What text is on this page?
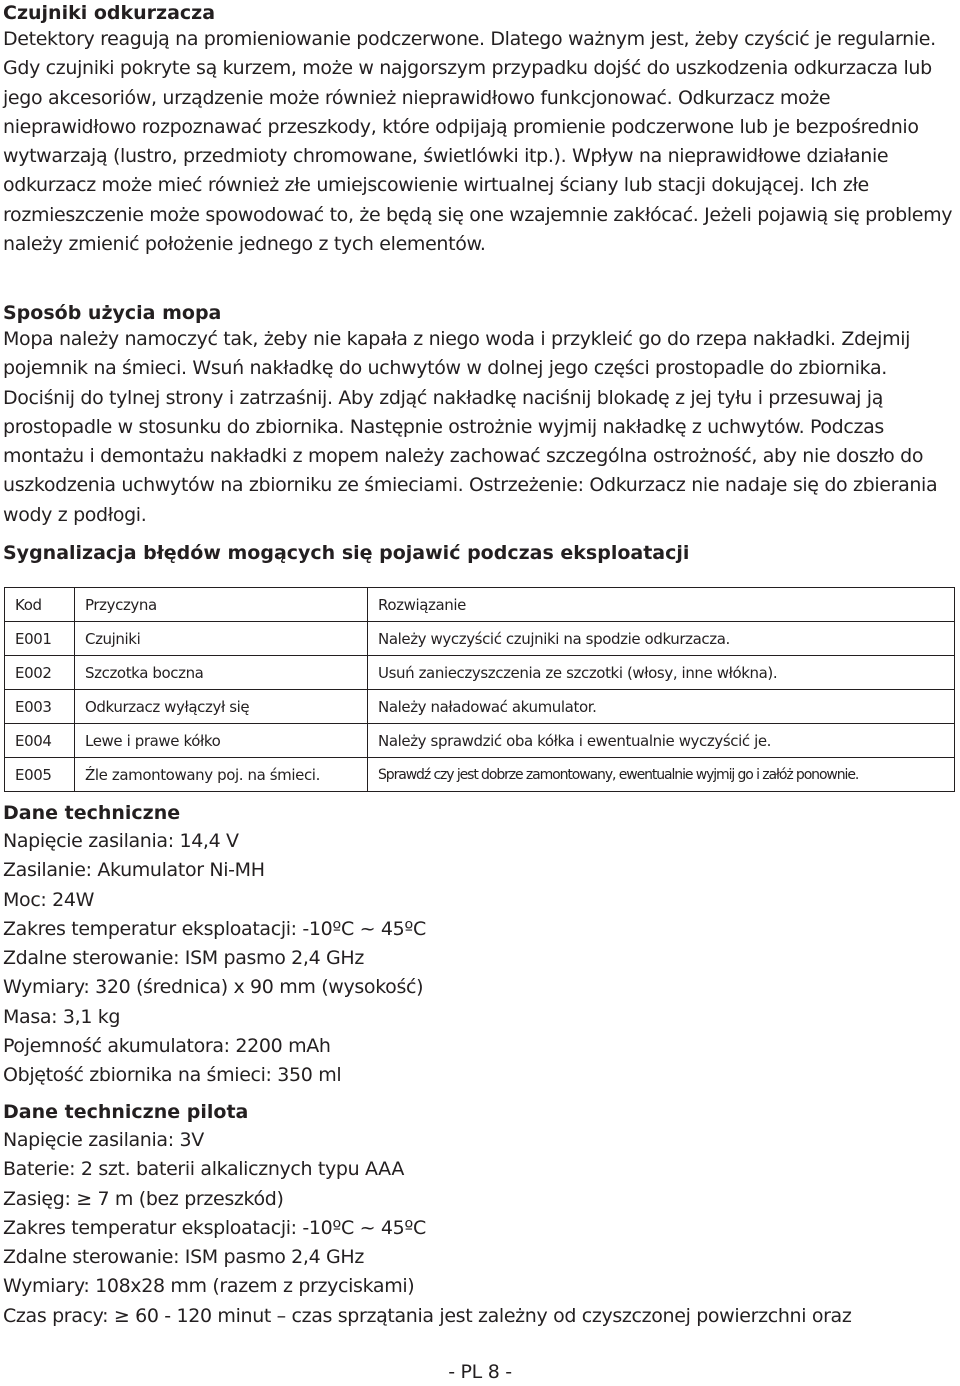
Czujniki odkurzacza

Detektory reagują na promieniowanie podczerwone. Dlatego ważnym jest, żeby czyścić je regularnie. Gdy czujniki pokryte są kurzem, może w najgorszym przypadku dojść do uszkodzenia odkurzacza lub jego akcesoriów, urządzenie może również nieprawidłowo funkcjonować. Odkurzacz może nieprawidłowo rozpoznawać przeszkody, które odpijają promienie podczerwone lub je bezpośrednio wytwarzają (lustro, przedmioty chromowane, świetlówki itp.). Wpływ na nieprawidłowe działanie odkurzacz może mieć również złe umiejscowienie wirtualnej ściany lub stacji dokującej. Ich złe rozmieszczenie może spowodować to, że będą się one wzajemnie zakłócać. Jeżeli pojawią się problemy należy zmienić położenie jednego z tych elementów.

Sposób użycia mopa

Mopa należy namoczyć tak, żeby nie kapała z niego woda i przykleić go do rzepa nakładki. Zdejmij pojemnik na śmieci. Wsuń nakładkę do uchwytów w dolnej jego części prostopadle do zbiornika. Dociśnij do tylnej strony i zatrzaśnij. Aby zdjąć nakładkę naciśnij blokadę z jej tyłu i przesuwaj ją prostopadle w stosunku do zbiornika. Następnie ostrożnie wyjmij nakładkę z uchwytów. Podczas montażu i demontażu nakładki z mopem należy zachować szczególna ostrożność, aby nie doszło do uszkodzenia uchwytów na zbiorniku ze śmieciami. Ostrzeżenie: Odkurzacz nie nadaje się do zbierania wody z podłogi.

Sygnalizacja błędów mogących się pojawić podczas eksploatacji
Kod	Przyczyna	Rozwiązanie
E001	Czujniki	Należy wyczyścić czujniki na spodzie odkurzacza.
E002	Szczotka boczna	Usuń zanieczyszczenia ze szczotki (włosy, inne włókna).
E003	Odkurzacz wyłączył się	Należy naładować akumulator.
E004	Lewe i prawe kółko	Należy sprawdzić oba kółka i ewentualnie wyczyścić je.
E005	Źle zamontowany poj. na śmieci.	Sprawdź czy jest dobrze zamontowany, ewentualnie wyjmij go i załóż ponownie.
Dane techniczne

Napięcie zasilania: 14,4 V

Zasilanie: Akumulator Ni-MH

Moc: 24W

Zakres temperatur eksploatacji: -10ºC ~ 45ºC

Zdalne sterowanie: ISM pasmo 2,4 GHz

Wymiary: 320 (średnica) x 90 mm (wysokość)

Masa: 3,1 kg

Pojemność akumulatora: 2200 mAh

Objętość zbiornika na śmieci: 350 ml

Dane techniczne pilota

Napięcie zasilania: 3V

Baterie: 2 szt. baterii alkalicznych typu AAA

Zasięg: ≥ 7 m (bez przeszkód)

Zakres temperatur eksploatacji: -10ºC ~ 45ºC

Zdalne sterowanie: ISM pasmo 2,4 GHz

Wymiary: 108x28 mm (razem z przyciskami)

Czas pracy: ≥ 60 - 120 minut – czas sprzątania jest zależny od czyszczonej powierzchni oraz

- PL 8 -
